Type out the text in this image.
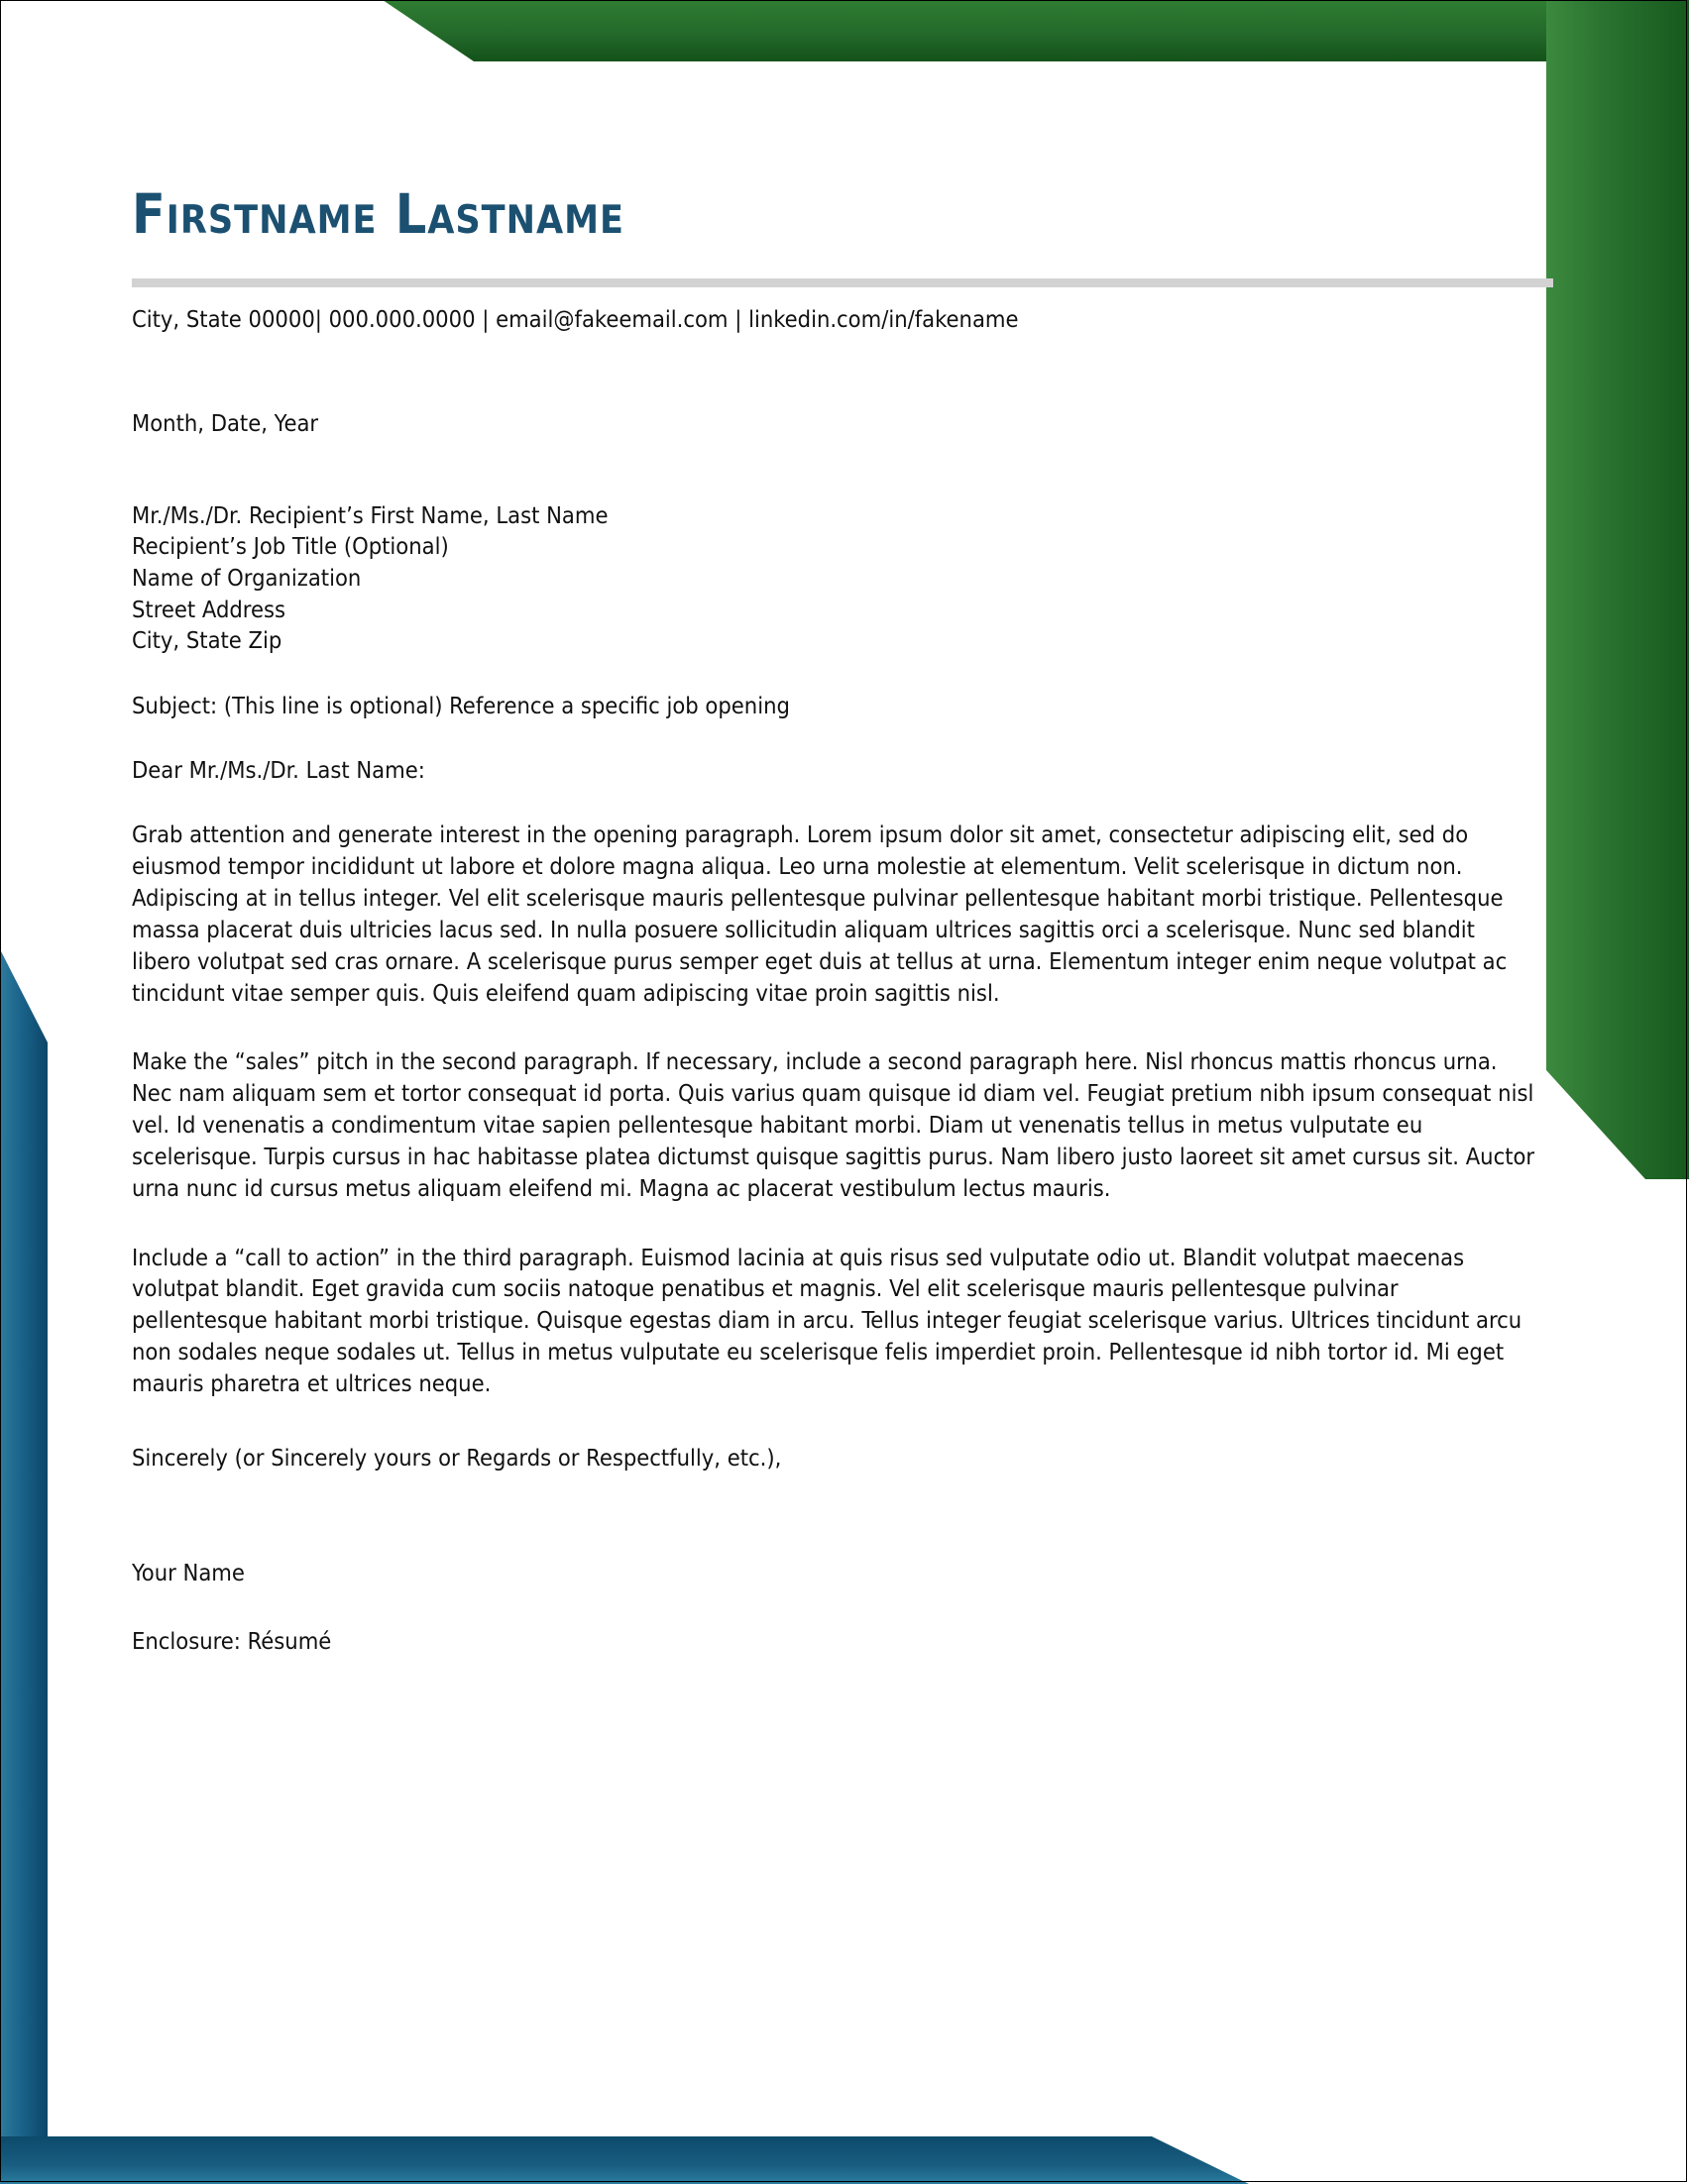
Firstname Lastname
City, State 00000| 000.000.0000 | email@fakeemail.com | linkedin.com/in/fakename
Month, Date, Year
Mr./Ms./Dr. Recipient’s First Name, Last Name
Recipient’s Job Title (Optional)
Name of Organization
Street Address
City, State Zip
Subject: (This line is optional) Reference a specific job opening
Dear Mr./Ms./Dr. Last Name:

Grab attention and generate interest in the opening paragraph. Lorem ipsum dolor sit amet, consectetur adipiscing elit, sed do eiusmod tempor incididunt ut labore et dolore magna aliqua. Leo urna molestie at elementum. Velit scelerisque in dictum non. Adipiscing at in tellus integer. Vel elit scelerisque mauris pellentesque pulvinar pellentesque habitant morbi tristique. Pellentesque massa placerat duis ultricies lacus sed. In nulla posuere sollicitudin aliquam ultrices sagittis orci a scelerisque. Nunc sed blandit libero volutpat sed cras ornare. A scelerisque purus semper eget duis at tellus at urna. Elementum integer enim neque volutpat ac tincidunt vitae semper quis. Quis eleifend quam adipiscing vitae proin sagittis nisl.

Make the “sales” pitch in the second paragraph. If necessary, include a second paragraph here. Nisl rhoncus mattis rhoncus urna. Nec nam aliquam sem et tortor consequat id porta. Quis varius quam quisque id diam vel. Feugiat pretium nibh ipsum consequat nisl vel. Id venenatis a condimentum vitae sapien pellentesque habitant morbi. Diam ut venenatis tellus in metus vulputate eu scelerisque. Turpis cursus in hac habitasse platea dictumst quisque sagittis purus. Nam libero justo laoreet sit amet cursus sit. Auctor urna nunc id cursus metus aliquam eleifend mi. Magna ac placerat vestibulum lectus mauris.

Include a “call to action” in the third paragraph. Euismod lacinia at quis risus sed vulputate odio ut. Blandit volutpat maecenas volutpat blandit. Eget gravida cum sociis natoque penatibus et magnis. Vel elit scelerisque mauris pellentesque pulvinar pellentesque habitant morbi tristique. Quisque egestas diam in arcu. Tellus integer feugiat scelerisque varius. Ultrices tincidunt arcu non sodales neque sodales ut. Tellus in metus vulputate eu scelerisque felis imperdiet proin. Pellentesque id nibh tortor id. Mi eget mauris pharetra et ultrices neque.

Sincerely (or Sincerely yours or Regards or Respectfully, etc.),
Your Name
Enclosure: Résumé
